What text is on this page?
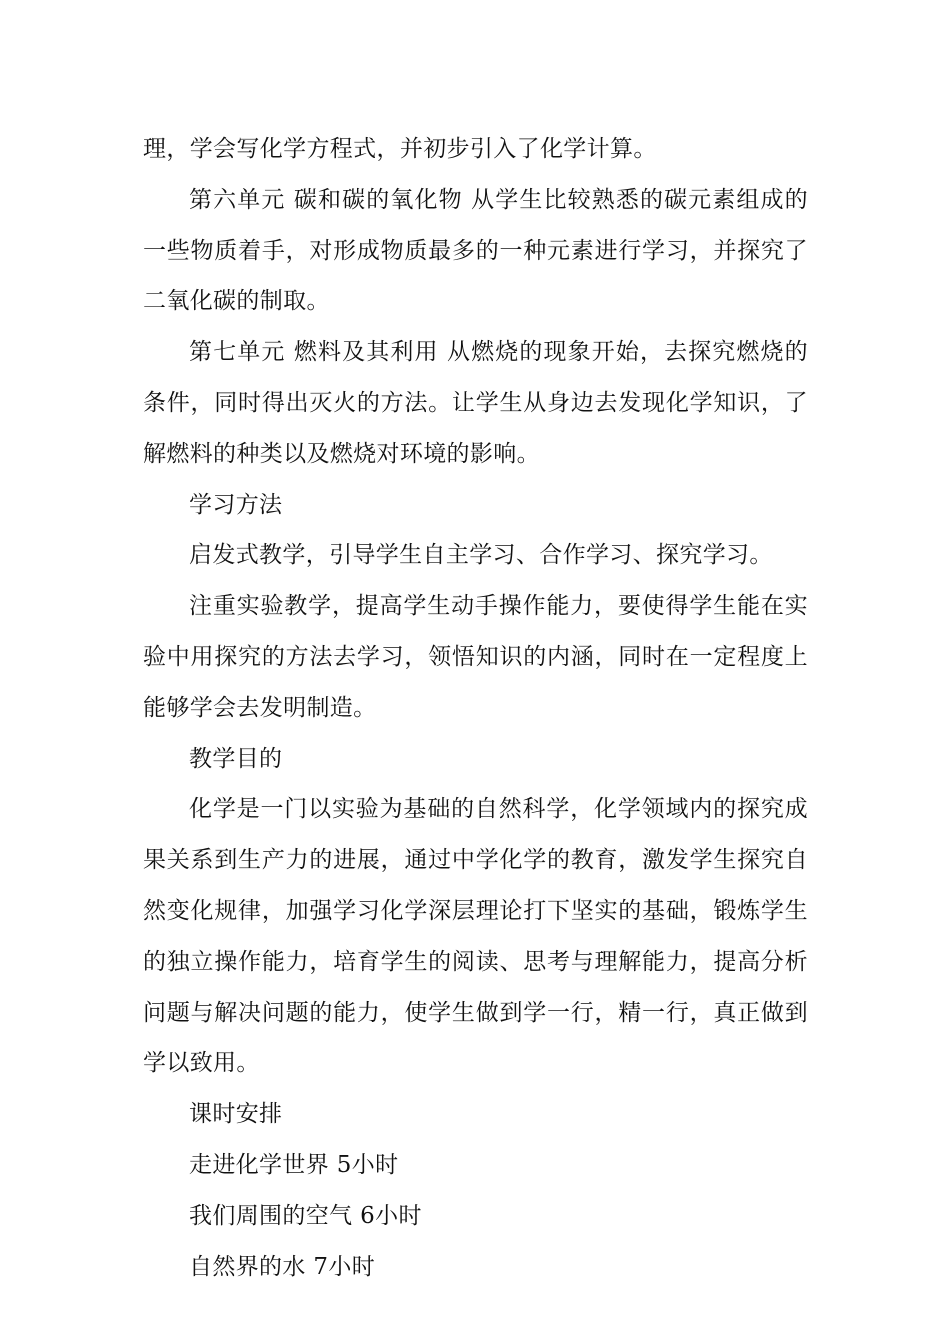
理，学会写化学方程式，并初步引入了化学计算。

第六单元 碳和碳的氧化物 从学生比较熟悉的碳元素组成的一些物质着手，对形成物质最多的一种元素进行学习，并探究了二氧化碳的制取。

第七单元 燃料及其利用 从燃烧的现象开始，去探究燃烧的条件，同时得出灭火的方法。让学生从身边去发现化学知识，了解燃料的种类以及燃烧对环境的影响。

学习方法

启发式教学，引导学生自主学习、合作学习、探究学习。

注重实验教学，提高学生动手操作能力，要使得学生能在实验中用探究的方法去学习，领悟知识的内涵，同时在一定程度上能够学会去发明制造。

教学目的

化学是一门以实验为基础的自然科学，化学领域内的探究成果关系到生产力的进展，通过中学化学的教育，激发学生探究自然变化规律，加强学习化学深层理论打下坚实的基础，锻炼学生的独立操作能力，培育学生的阅读、思考与理解能力，提高分析问题与解决问题的能力，使学生做到学一行，精一行，真正做到学以致用。

课时安排

走进化学世界 5小时

我们周围的空气 6小时

自然界的水 7小时
